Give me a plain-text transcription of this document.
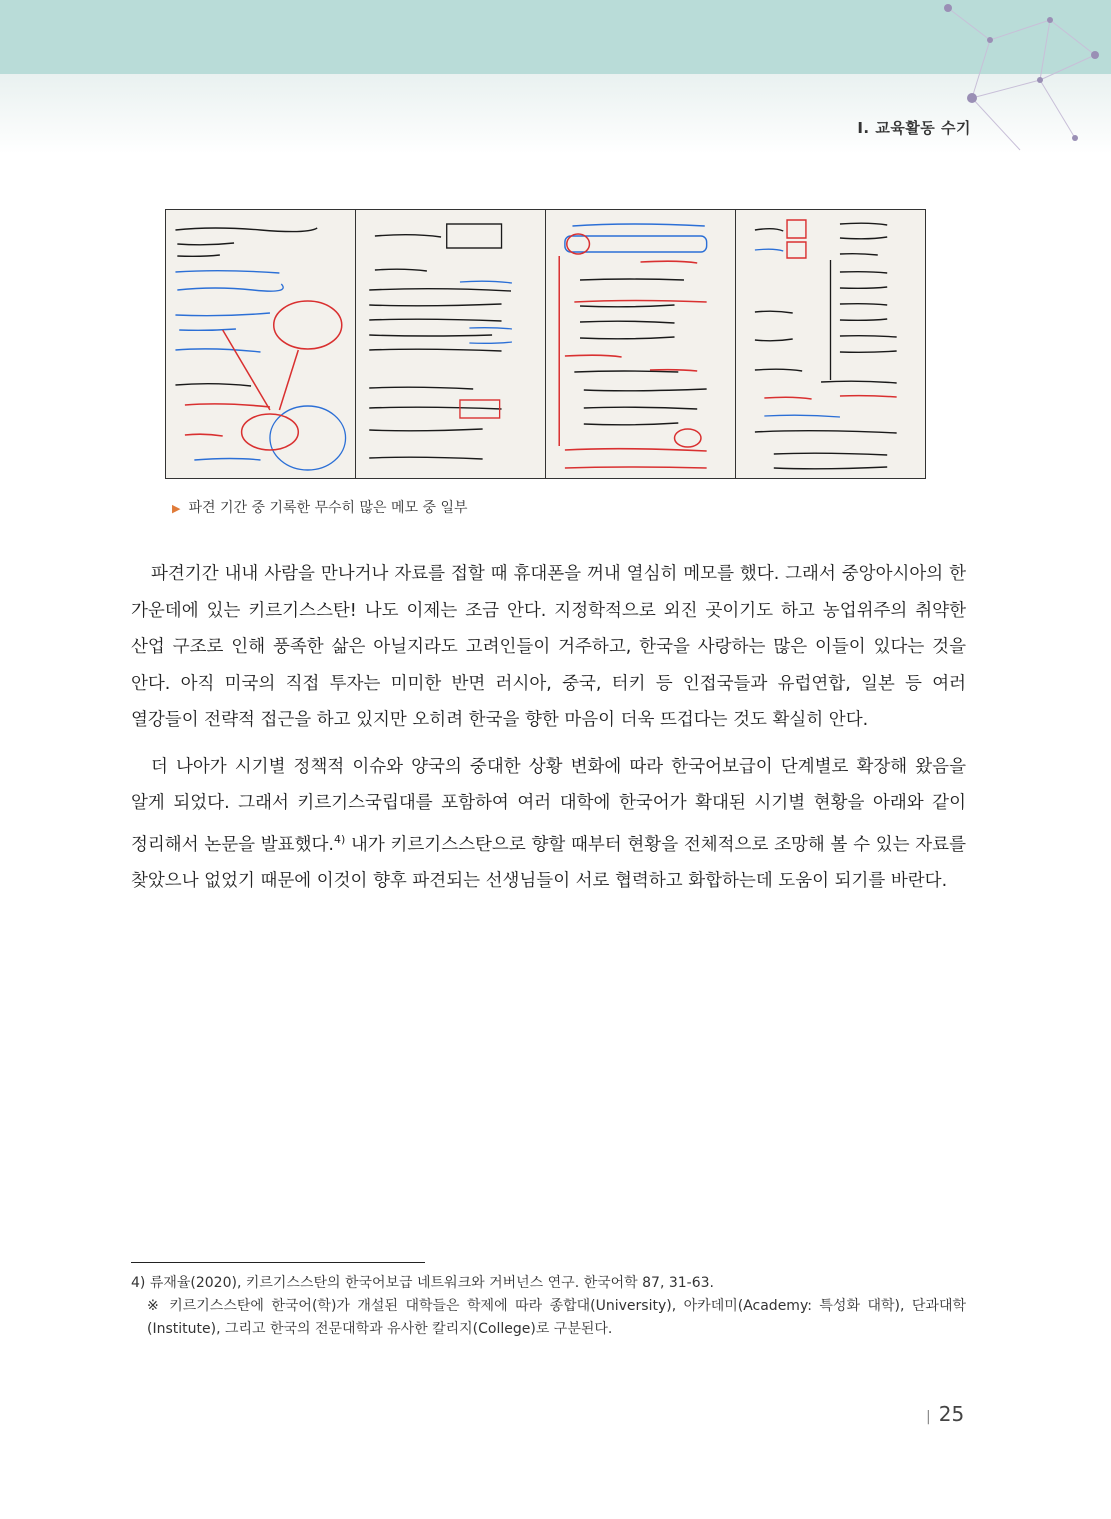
Ⅰ. 교육활동 수기
▶ 파견 기간 중 기록한 무수히 많은 메모 중 일부

파견기간 내내 사람을 만나거나 자료를 접할 때 휴대폰을 꺼내 열심히 메모를 했다. 그래서 중앙아시아의 한 가운데에 있는 키르기스스탄! 나도 이제는 조금 안다. 지정학적으로 외진 곳이기도 하고 농업위주의 취약한 산업 구조로 인해 풍족한 삶은 아닐지라도 고려인들이 거주하고, 한국을 사랑하는 많은 이들이 있다는 것을 안다. 아직 미국의 직접 투자는 미미한 반면 러시아, 중국, 터키 등 인접국들과 유럽연합, 일본 등 여러 열강들이 전략적 접근을 하고 있지만 오히려 한국을 향한 마음이 더욱 뜨겁다는 것도 확실히 안다.

더 나아가 시기별 정책적 이슈와 양국의 중대한 상황 변화에 따라 한국어보급이 단계별로 확장해 왔음을 알게 되었다. 그래서 키르기스국립대를 포함하여 여러 대학에 한국어가 확대된 시기별 현황을 아래와 같이 정리해서 논문을 발표했다.$^{4)}$ 내가 키르기스스탄으로 향할 때부터 현황을 전체적으로 조망해 볼 수 있는 자료를 찾았으나 없었기 때문에 이것이 향후 파견되는 선생님들이 서로 협력하고 화합하는데 도움이 되기를 바란다.

4) 류재율(2020), 키르기스스탄의 한국어보급 네트워크와 거버넌스 연구. 한국어학 87, 31-63.
※ 키르기스스탄에 한국어(학)가 개설된 대학들은 학제에 따라 종합대(University), 아카데미(Academy: 특성화 대학), 단과대학(Institute), 그리고 한국의 전문대학과 유사한 칼리지(College)로 구분된다.
| 25
